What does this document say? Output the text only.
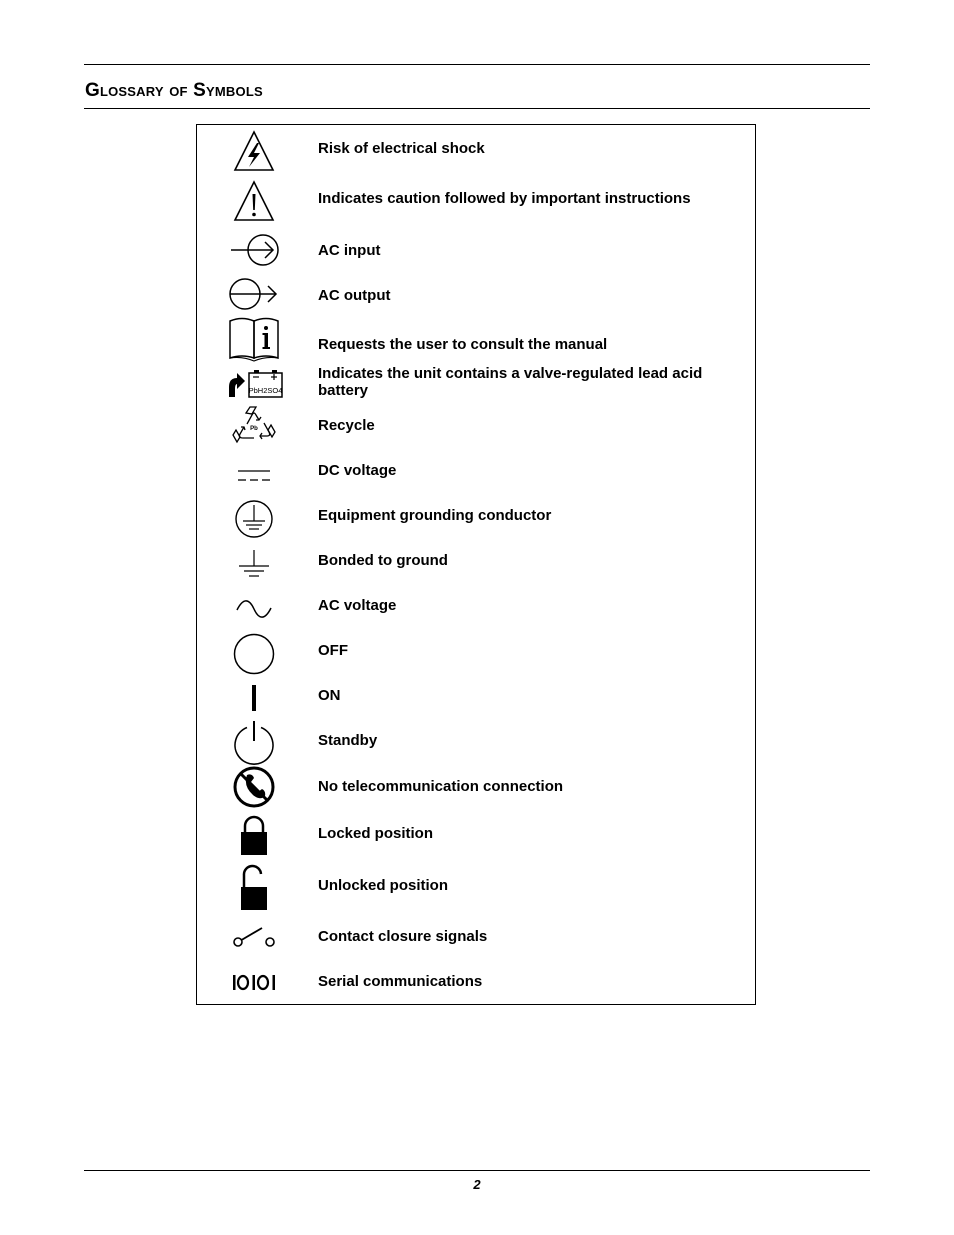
Glossary of Symbols
Risk of electrical shock
Indicates caution followed by important instructions
AC input
AC output
Requests the user to consult the manual
PbH2SO4
Indicates the unit contains a valve-regulated lead acid battery
Pb	Recycle
DC voltage
Equipment grounding conductor
Bonded to ground
AC voltage
OFF
ON
Standby
No telecommunication connection
Locked position
Unlocked position
Contact closure signals
Serial communications
2
